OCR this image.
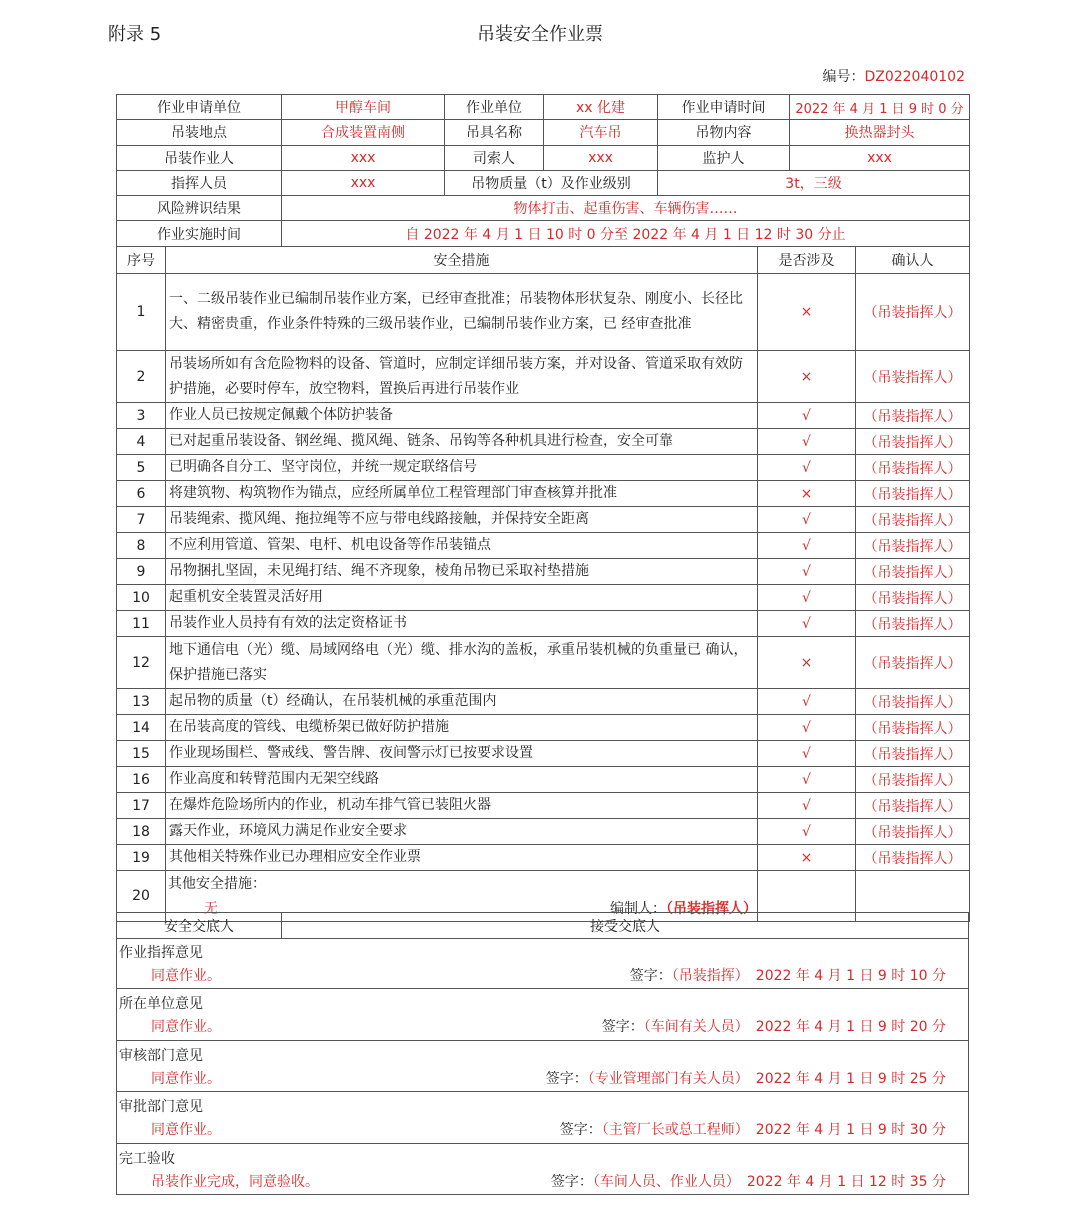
附录 5	吊装安全作业票
编号：DZ022040102
作业申请单位	甲醇车间	作业单位	xx 化建	作业申请时间	2022 年 4 月 1 日 9 时 0 分
吊装地点	合成装置南侧	吊具名称	汽车吊	吊物内容	换热器封头
吊装作业人	xxx	司索人	xxx	监护人	xxx
指挥人员	xxx	吊物质量（t）及作业级别		3t，三级	
风险辨识结果	物体打击、起重伤害、车辆伤害……				
作业实施时间	自 2022 年 4 月 1 日 10 时 0 分至 2022 年 4 月 1 日 12 时 30 分止				
序号	安全措施	是否涉及	确认人
1	一、二级吊装作业已编制吊装作业方案，已经审查批准；吊装物体形状复杂、刚度小、长径比大、精密贵重，作业条件特殊的三级吊装作业，已编制吊装作业方案，已 经审查批准	×	（吊装指挥人）
2	吊装场所如有含危险物料的设备、管道时，应制定详细吊装方案，并对设备、管道采取有效防护措施，必要时停车，放空物料，置换后再进行吊装作业	×	（吊装指挥人）
3	作业人员已按规定佩戴个体防护装备	√	（吊装指挥人）
4	已对起重吊装设备、钢丝绳、揽风绳、链条、吊钩等各种机具进行检查，安全可靠	√	（吊装指挥人）
5	已明确各自分工、坚守岗位，并统一规定联络信号	√	（吊装指挥人）
6	将建筑物、构筑物作为锚点，应经所属单位工程管理部门审查核算并批准	×	（吊装指挥人）
7	吊装绳索、揽风绳、拖拉绳等不应与带电线路接触，并保持安全距离	√	（吊装指挥人）
8	不应利用管道、管架、电杆、机电设备等作吊装锚点	√	（吊装指挥人）
9	吊物捆扎坚固，未见绳打结、绳不齐现象，棱角吊物已采取衬垫措施	√	（吊装指挥人）
10	起重机安全装置灵活好用	√	（吊装指挥人）
11	吊装作业人员持有有效的法定资格证书	√	（吊装指挥人）
12	地下通信电（光）缆、局域网络电（光）缆、排水沟的盖板，承重吊装机械的负重量已 确认，保护措施已落实	×	（吊装指挥人）
13	起吊物的质量（t）经确认，在吊装机械的承重范围内	√	（吊装指挥人）
14	在吊装高度的管线、电缆桥架已做好防护措施	√	（吊装指挥人）
15	作业现场围栏、警戒线、警告牌、夜间警示灯已按要求设置	√	（吊装指挥人）
16	作业高度和转臂范围内无架空线路	√	（吊装指挥人）
17	在爆炸危险场所内的作业，机动车排气管已装阻火器	√	（吊装指挥人）
18	露天作业，环境风力满足作业安全要求	√	（吊装指挥人）
19	其他相关特殊作业已办理相应安全作业票	×	（吊装指挥人）
20	其他安全措施：
无 编制人：（吊装指挥人）		

安全交底人	接受交底人
作业指挥意见
同意作业。	签字：（吊装指挥）　2022 年 4 月 1 日 9 时 10 分
所在单位意见
同意作业。	签字：（车间有关人员）　2022 年 4 月 1 日 9 时 20 分
审核部门意见
同意作业。	签字：（专业管理部门有关人员）　2022 年 4 月 1 日 9 时 25 分
审批部门意见
同意作业。	签字：（主管厂长或总工程师）　2022 年 4 月 1 日 9 时 30 分
完工验收
吊装作业完成，同意验收。	签字：（车间人员、作业人员）　2022 年 4 月 1 日 12 时 35 分
